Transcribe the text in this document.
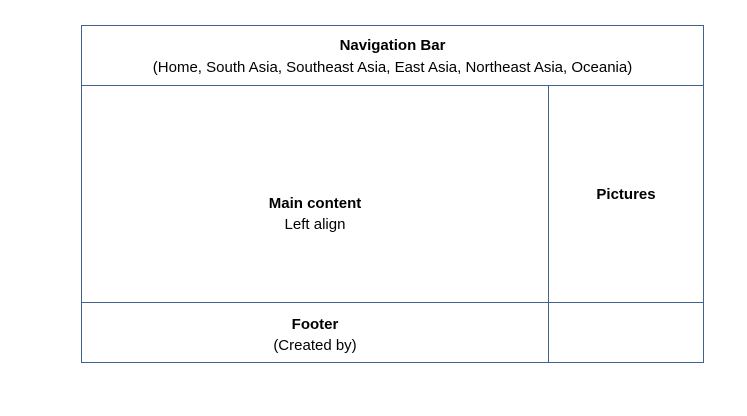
Navigation Bar
(Home, South Asia, Southeast Asia, East Asia, Northeast Asia, Oceania)
Main content
Left align
Pictures
Footer
(Created by)
